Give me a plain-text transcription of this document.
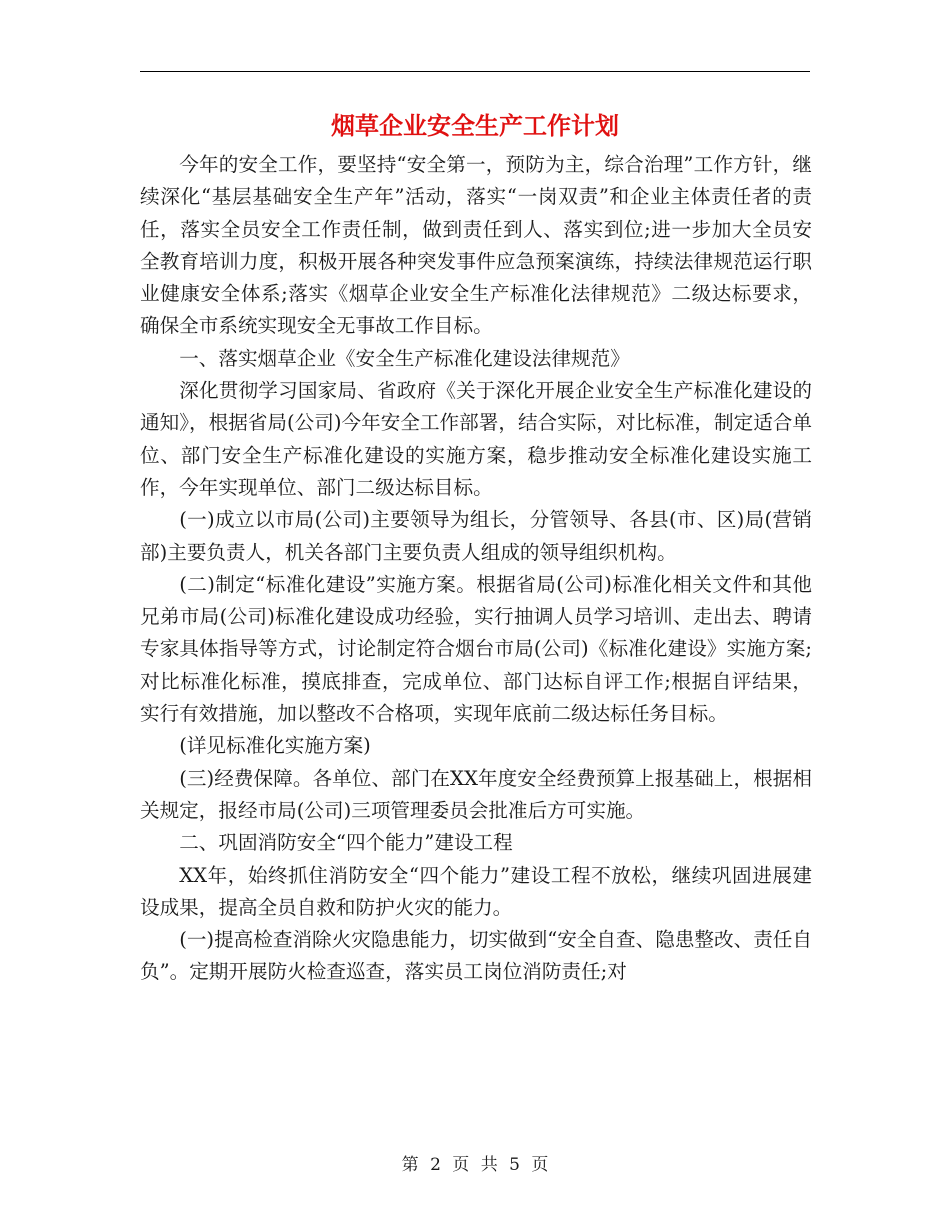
烟草企业安全生产工作计划

今年的安全工作，要坚持“安全第一，预防为主，综合治理”工作方针，继续深化“基层基础安全生产年”活动，落实“一岗双责”和企业主体责任者的责任，落实全员安全工作责任制，做到责任到人、落实到位;进一步加大全员安全教育培训力度，积极开展各种突发事件应急预案演练，持续法律规范运行职业健康安全体系;落实《烟草企业安全生产标准化法律规范》二级达标要求，确保全市系统实现安全无事故工作目标。

一、落实烟草企业《安全生产标准化建设法律规范》

深化贯彻学习国家局、省政府《关于深化开展企业安全生产标准化建设的通知》，根据省局(公司)今年安全工作部署，结合实际，对比标准，制定适合单位、部门安全生产标准化建设的实施方案，稳步推动安全标准化建设实施工作，今年实现单位、部门二级达标目标。

(一)成立以市局(公司)主要领导为组长，分管领导、各县(市、区)局(营销部)主要负责人，机关各部门主要负责人组成的领导组织机构。

(二)制定“标准化建设”实施方案。根据省局(公司)标准化相关文件和其他兄弟市局(公司)标准化建设成功经验，实行抽调人员学习培训、走出去、聘请专家具体指导等方式，讨论制定符合烟台市局(公司)《标准化建设》实施方案;对比标准化标准，摸底排查，完成单位、部门达标自评工作;根据自评结果，实行有效措施，加以整改不合格项，实现年底前二级达标任务目标。

(详见标准化实施方案)

(三)经费保障。各单位、部门在XX年度安全经费预算上报基础上，根据相关规定，报经市局(公司)三项管理委员会批准后方可实施。

二、巩固消防安全“四个能力”建设工程

XX年，始终抓住消防安全“四个能力”建设工程不放松，继续巩固进展建设成果，提高全员自救和防护火灾的能力。

(一)提高检查消除火灾隐患能力，切实做到“安全自查、隐患整改、责任自负”。定期开展防火检查巡查，落实员工岗位消防责任;对

第 2 页 共 5 页
